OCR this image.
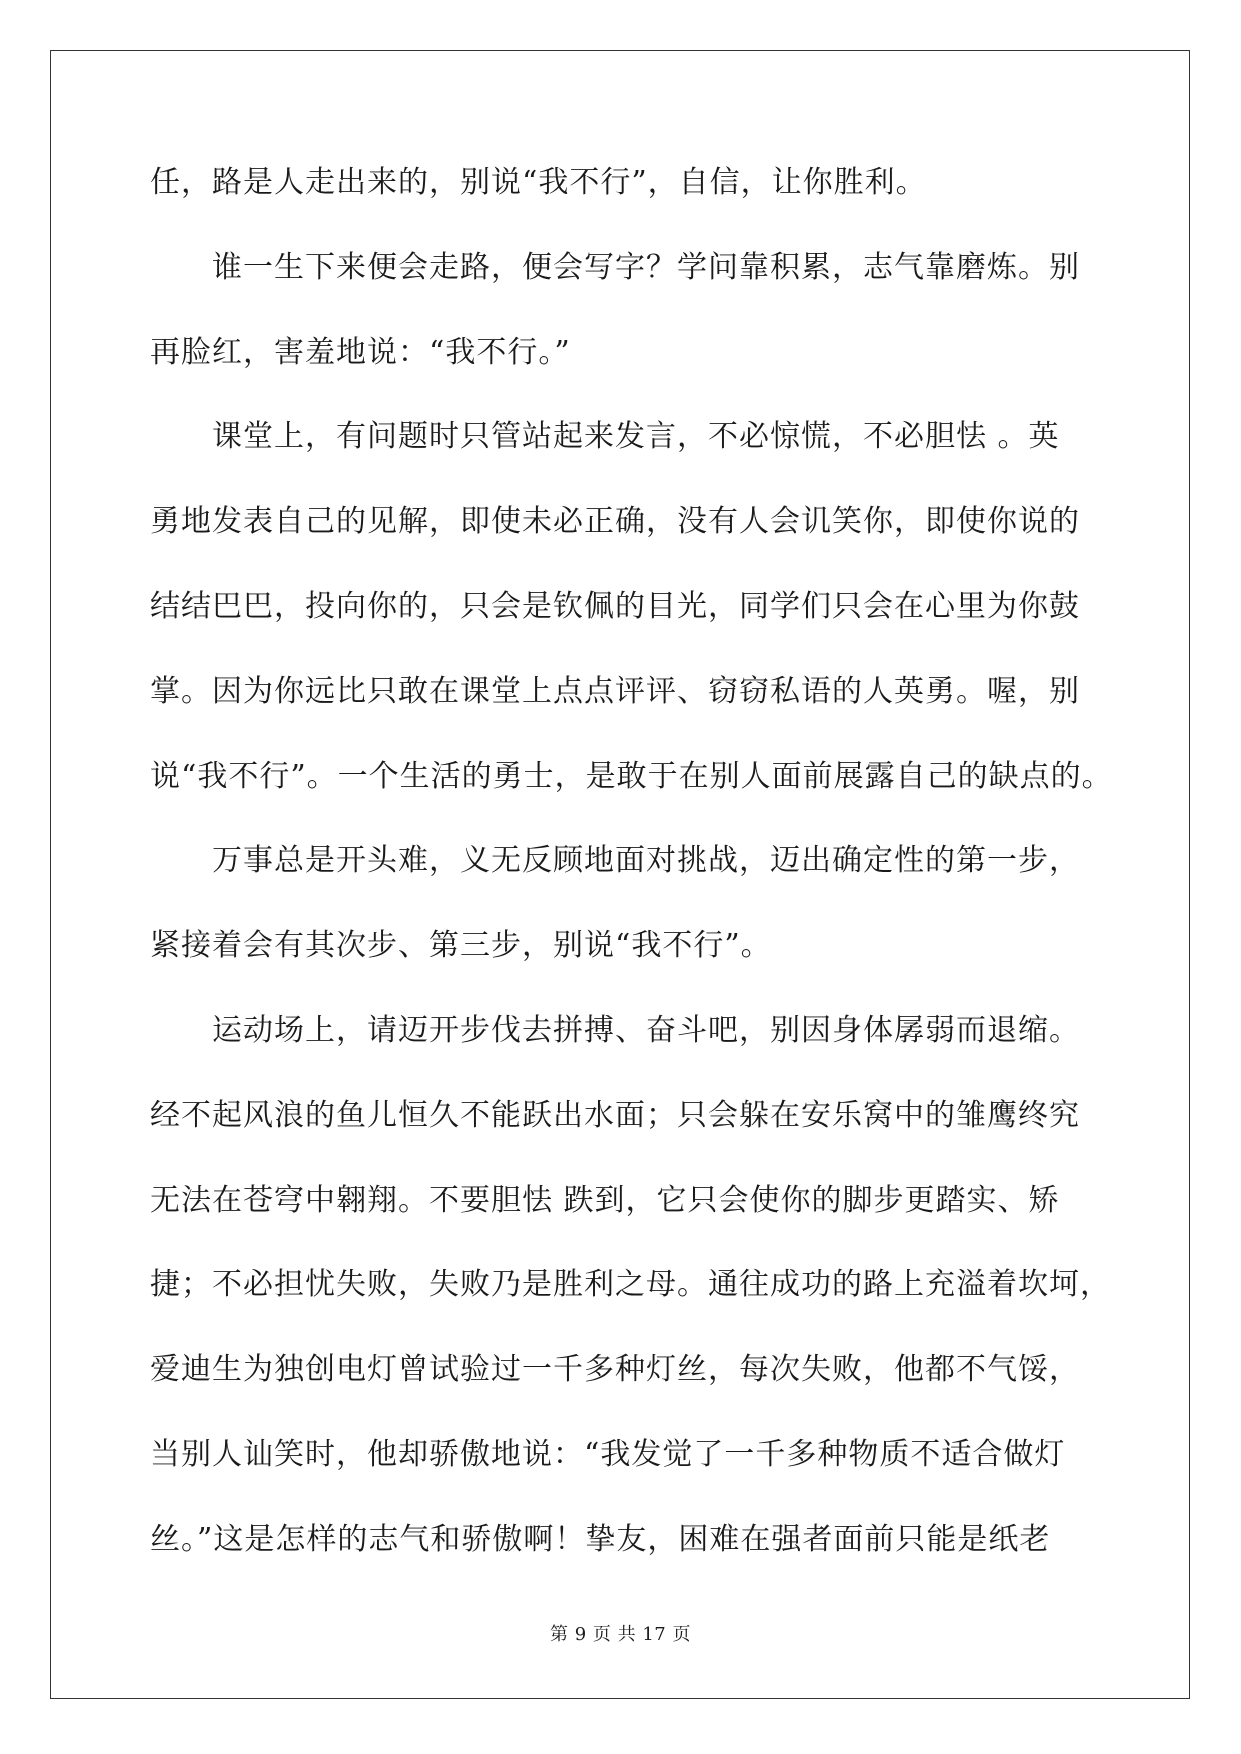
任，路是人走出来的，别说“我不行”，自信，让你胜利。
谁一生下来便会走路，便会写字？学问靠积累，志气靠磨炼。别
再脸红，害羞地说：“我不行。”
课堂上，有问题时只管站起来发言，不必惊慌，不必胆怯 。英
勇地发表自己的见解，即使未必正确，没有人会讥笑你，即使你说的
结结巴巴，投向你的，只会是钦佩的目光，同学们只会在心里为你鼓
掌。因为你远比只敢在课堂上点点评评、窃窃私语的人英勇。喔，别
说“我不行”。一个生活的勇士，是敢于在别人面前展露自己的缺点的。
万事总是开头难，义无反顾地面对挑战，迈出确定性的第一步，
紧接着会有其次步、第三步，别说“我不行”。
运动场上，请迈开步伐去拼搏、奋斗吧，别因身体孱弱而退缩。
经不起风浪的鱼儿恒久不能跃出水面；只会躲在安乐窝中的雏鹰终究
无法在苍穹中翱翔。不要胆怯 跌到，它只会使你的脚步更踏实、矫
捷；不必担忧失败，失败乃是胜利之母。通往成功的路上充溢着坎坷，
爱迪生为独创电灯曾试验过一千多种灯丝，每次失败，他都不气馁，
当别人讪笑时，他却骄傲地说：“我发觉了一千多种物质不适合做灯
丝。”这是怎样的志气和骄傲啊！挚友，困难在强者面前只能是纸老
第 9 页 共 17 页
